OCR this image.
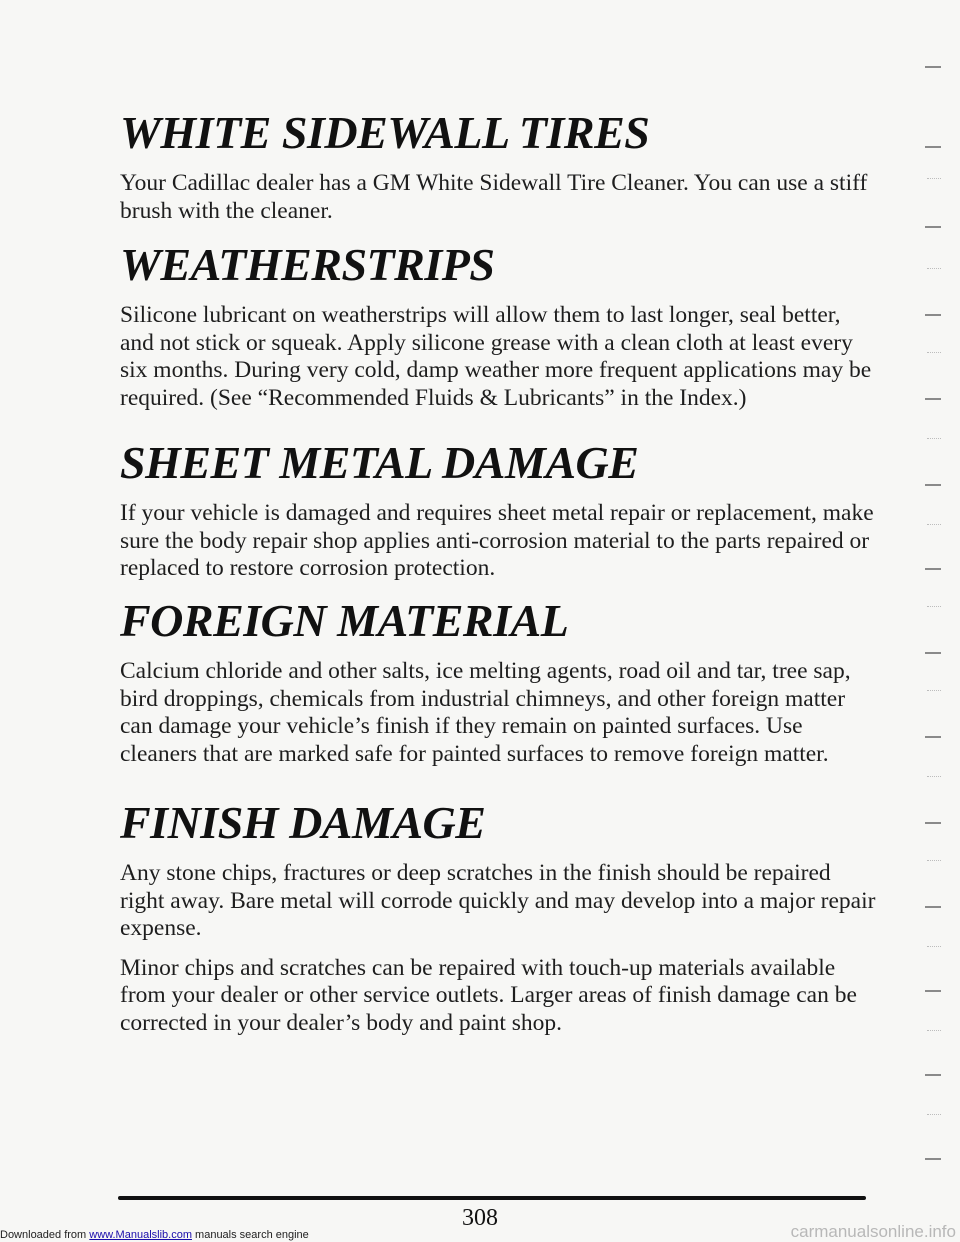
WHITE SIDEWALL TIRES

Your Cadillac dealer has a GM White Sidewall Tire Cleaner. You can use a stiff brush with the cleaner.

WEATHERSTRIPS

Silicone lubricant on weatherstrips will allow them to last longer, seal better, and not stick or squeak. Apply silicone grease with a clean cloth at least every six months. During very cold, damp weather more frequent applications may be required. (See “Recommended Fluids & Lubricants” in the Index.)

SHEET METAL DAMAGE

If your vehicle is damaged and requires sheet metal repair or replacement, make sure the body repair shop applies anti-corrosion material to the parts repaired or replaced to restore corrosion protection.

FOREIGN MATERIAL

Calcium chloride and other salts, ice melting agents, road oil and tar, tree sap, bird droppings, chemicals from industrial chimneys, and other foreign matter can damage your vehicle’s finish if they remain on painted surfaces. Use cleaners that are marked safe for painted surfaces to remove foreign matter.

FINISH DAMAGE

Any stone chips, fractures or deep scratches in the finish should be repaired right away. Bare metal will corrode quickly and may develop into a major repair expense.

Minor chips and scratches can be repaired with touch-up materials available from your dealer or other service outlets. Larger areas of finish damage can be corrected in your dealer’s body and paint shop.

308
Downloaded from www.Manualslib.com manuals search engine	carmanualsonline.info
